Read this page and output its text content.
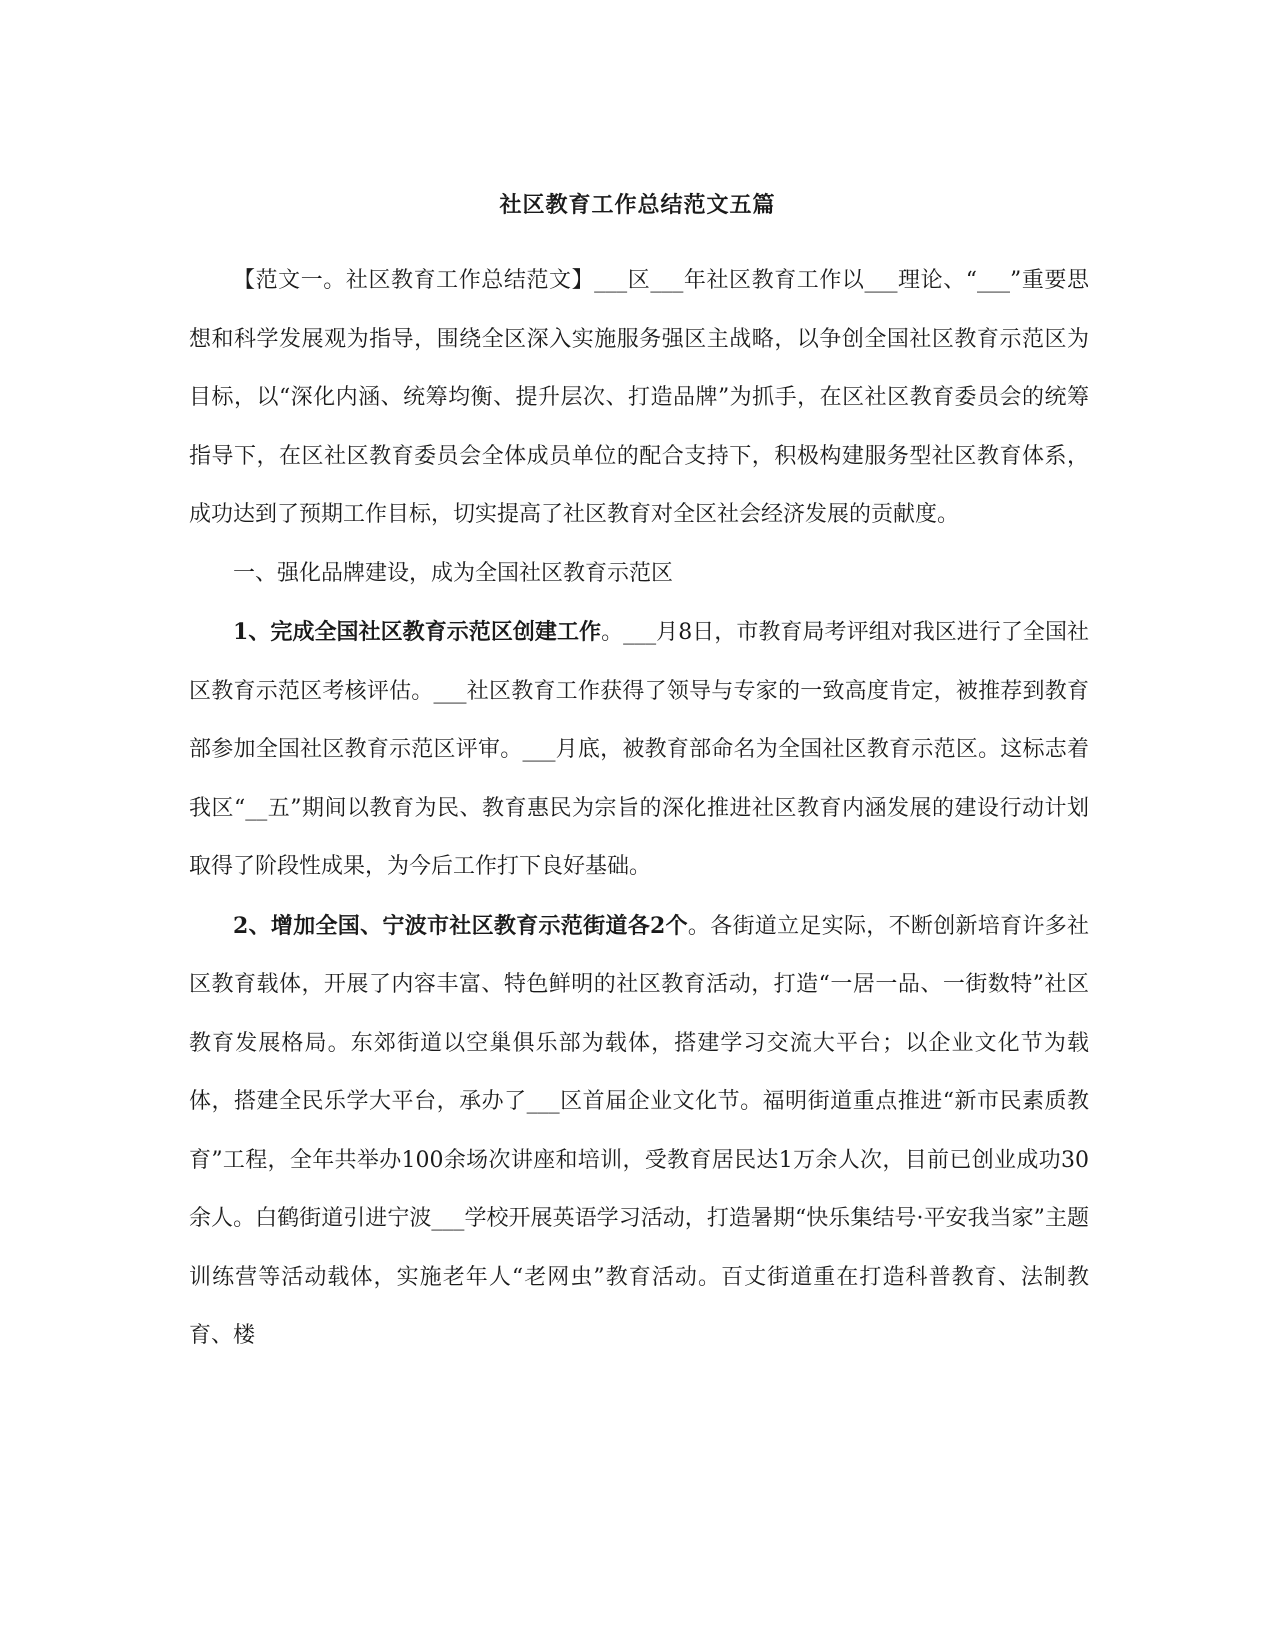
社区教育工作总结范文五篇

【范文一。社区教育工作总结范文】___区___年社区教育工作以___理论、“___”重要思想和科学发展观为指导，围绕全区深入实施服务强区主战略，以争创全国社区教育示范区为目标，以“深化内涵、统筹均衡、提升层次、打造品牌”为抓手，在区社区教育委员会的统筹指导下，在区社区教育委员会全体成员单位的配合支持下，积极构建服务型社区教育体系，成功达到了预期工作目标，切实提高了社区教育对全区社会经济发展的贡献度。

一、强化品牌建设，成为全国社区教育示范区

1、完成全国社区教育示范区创建工作。___月8日，市教育局考评组对我区进行了全国社区教育示范区考核评估。___社区教育工作获得了领导与专家的一致高度肯定，被推荐到教育部参加全国社区教育示范区评审。___月底，被教育部命名为全国社区教育示范区。这标志着我区“__五”期间以教育为民、教育惠民为宗旨的深化推进社区教育内涵发展的建设行动计划取得了阶段性成果，为今后工作打下良好基础。

2、增加全国、宁波市社区教育示范街道各2个。各街道立足实际，不断创新培育许多社区教育载体，开展了内容丰富、特色鲜明的社区教育活动，打造“一居一品、一街数特”社区教育发展格局。东郊街道以空巢俱乐部为载体，搭建学习交流大平台；以企业文化节为载体，搭建全民乐学大平台，承办了___区首届企业文化节。福明街道重点推进“新市民素质教育”工程，全年共举办100余场次讲座和培训，受教育居民达1万余人次，目前已创业成功30余人。白鹤街道引进宁波___学校开展英语学习活动，打造暑期“快乐集结号·平安我当家”主题训练营等活动载体，实施老年人“老网虫”教育活动。百丈街道重在打造科普教育、法制教育、楼
